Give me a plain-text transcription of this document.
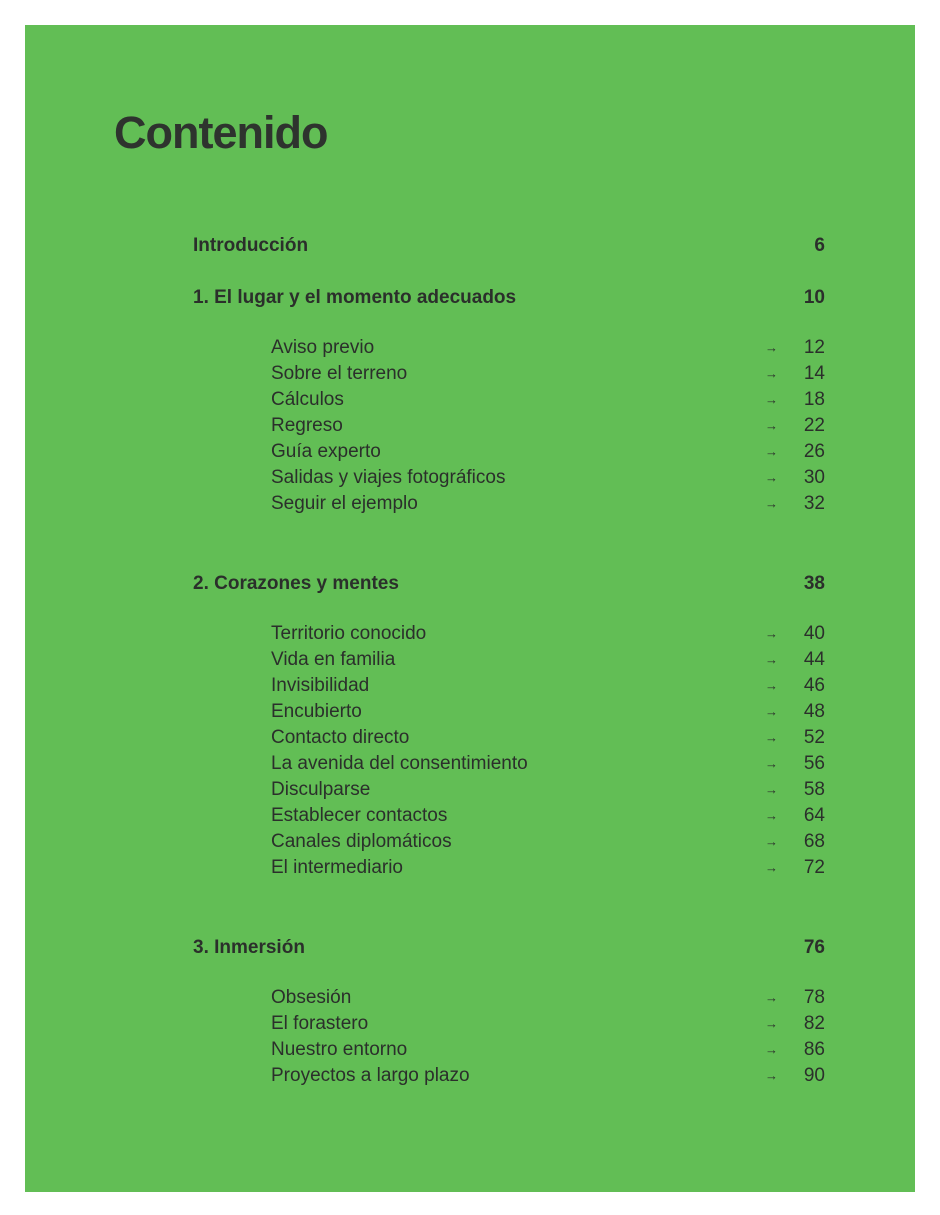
Contenido
Introducción	6
1. El lugar y el momento adecuados	10
Aviso previo	→ 12
Sobre el terreno	→ 14
Cálculos	→ 18
Regreso	→ 22
Guía experto	→ 26
Salidas y viajes fotográficos	→ 30
Seguir el ejemplo	→ 32
2. Corazones y mentes	38
Territorio conocido	→ 40
Vida en familia	→ 44
Invisibilidad	→ 46
Encubierto	→ 48
Contacto directo	→ 52
La avenida del consentimiento	→ 56
Disculparse	→ 58
Establecer contactos	→ 64
Canales diplomáticos	→ 68
El intermediario	→ 72
3. Inmersión	76
Obsesión	→ 78
El forastero	→ 82
Nuestro entorno	→ 86
Proyectos a largo plazo	→ 90
